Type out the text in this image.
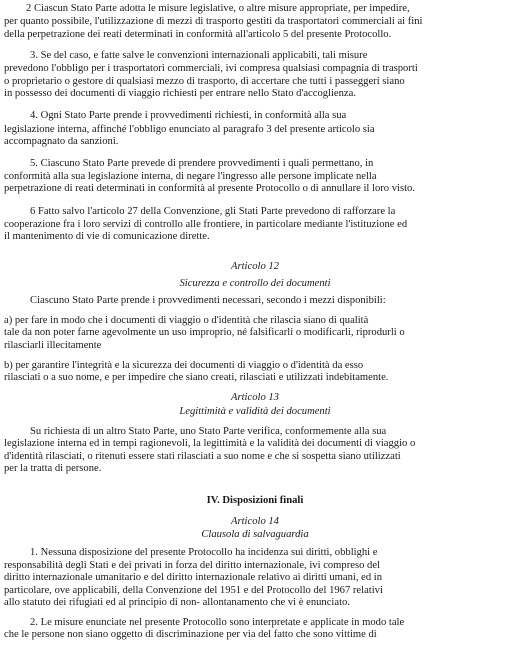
2 Ciascun Stato Parte adotta le misure legislative, o altre misure appropriate, per impedire,
per quanto possibile, l'utilizzazione di mezzi di trasporto gestiti da trasportatori commerciali ai fini
della perpetrazione dei reati determinati in conformità all'articolo 5 del presente Protocollo.
3. Se del caso, e fatte salve le convenzioni internazionali applicabili, tali misure
prevedono l'obbligo per i trasportatori commerciali, ivi compresa qualsiasi compagnia di trasporti
o proprietario o gestore di qualsiasi mezzo di trasporto, di accertare che tutti i passeggeri siano
in possesso dei documenti di viaggio richiesti per entrare nello Stato d'accoglienza.
4. Ogni Stato Parte prende i provvedimenti richiesti, in conformità alla sua
legislazione interna, affinché l'obbligo enunciato al paragrafo 3 del presente articolo sia
accompagnato da sanzioni.
5. Ciascuno Stato Parte prevede di prendere provvedimenti i quali permettano, in
conformità alla sua legislazione interna, di negare l'ingresso alle persone implicate nella
perpetrazione di reati determinati in conformità al presente Protocollo o di annullare il loro visto.
6 Fatto salvo l'articolo 27 della Convenzione, gli Stati Parte prevedono di rafforzare la
cooperazione fra i loro servizi di controllo alle frontiere, in particolare mediante l'istituzione ed
il mantenimento di vie di comunicazione dirette.
Articolo 12
Sicurezza e controllo dei documenti
Ciascuno Stato Parte prende i provvedimenti necessari, secondo i mezzi disponibili:
a) per fare in modo che i documenti di viaggio o d'identità che rilascia siano di qualità
tale da non poter farne agevolmente un uso improprio, né falsificarli o modificarli, riprodurli o
rilasciarli illecitamente
b) per garantire l'integrità e la sicurezza dei documenti di viaggio o d'identità da esso
rilasciati o a suo nome, e per impedire che siano creati, rilasciati e utilizzati indebitamente.
Articolo 13
Legittimità e validità dei documenti
Su richiesta di un altro Stato Parte, uno Stato Parte verifica, conformemente alla sua
legislazione interna ed in tempi ragionevoli, la legittimità e la validità dei documenti di viaggio o
d'identità rilasciati, o ritenuti essere stati rilasciati a suo nome e che si sospetta siano utilizzati
per la tratta di persone.
IV. Disposizioni finali
Articolo 14
Clausola di salvaguardia
1. Nessuna disposizione del presente Protocollo ha incidenza sui diritti, obblighi e
responsabilità degli Stati e dei privati in forza del diritto internazionale, ivi compreso del
diritto internazionale umanitario e del diritto internazionale relativo ai diritti umani, ed in
particolare, ove applicabili, della Convenzione del 1951 e del Protocollo del 1967 relativi
allo statuto dei rifugiati ed al principio di non- allontanamento che vi è enunciato.
2. Le misure enunciate nel presente Protocollo sono interpretate e applicate in modo tale
che le persone non siano oggetto di discriminazione per via del fatto che sono vittime di
